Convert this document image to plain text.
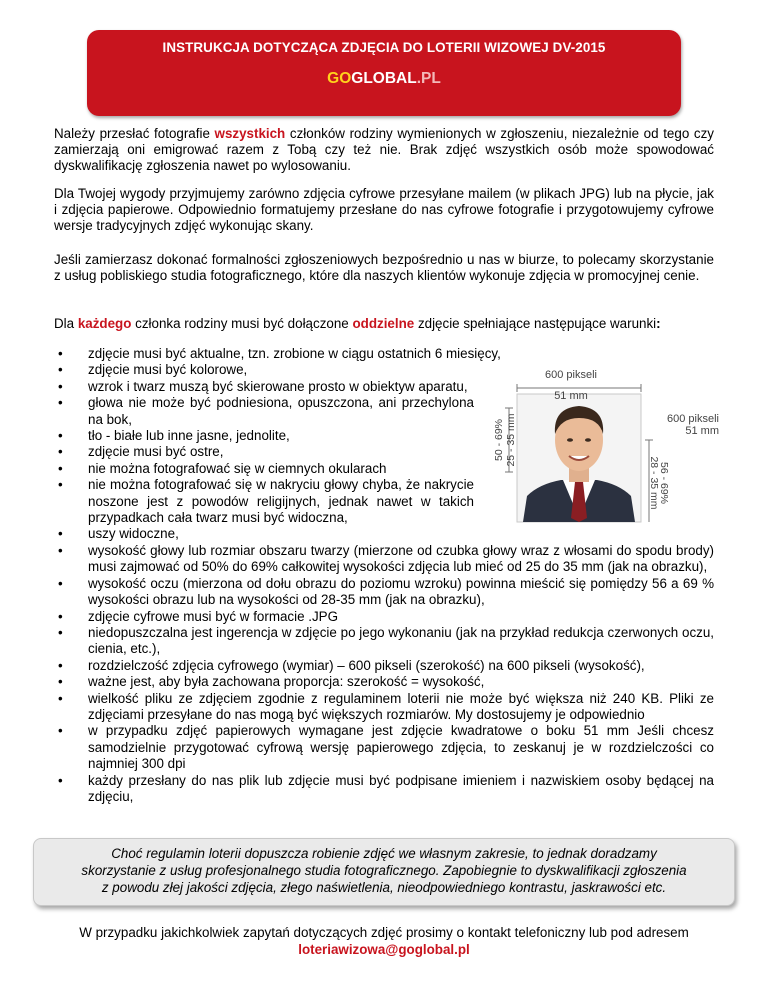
INSTRUKCJA DOTYCZĄCA ZDJĘCIA DO LOTERII WIZOWEJ DV-2015
GOGLOBAL.PL
Należy przesłać fotografie wszystkich członków rodziny wymienionych w zgłoszeniu, niezależnie od tego czy zamierzają oni emigrować razem z Tobą czy też nie. Brak zdjęć wszystkich osób może spowodować dyskwalifikację zgłoszenia nawet po wylosowaniu.
Dla Twojej wygody przyjmujemy zarówno zdjęcia cyfrowe przesyłane mailem (w plikach JPG) lub na płycie, jak i zdjęcia papierowe. Odpowiednio formatujemy przesłane do nas cyfrowe fotografie i przygotowujemy cyfrowe wersje tradycyjnych zdjęć wykonując skany.
Jeśli zamierzasz dokonać formalności zgłoszeniowych bezpośrednio u nas w biurze, to polecamy skorzystanie z usług pobliskiego studia fotograficznego, które dla naszych klientów wykonuje zdjęcia w promocyjnej cenie.
Dla każdego członka rodziny musi być dołączone oddzielne zdjęcie spełniające następujące warunki:
• zdjęcie musi być aktualne, tzn. zrobione w ciągu ostatnich 6 miesięcy,
• zdjęcie musi być kolorowe,
• wzrok i twarz muszą być skierowane prosto w obiektyw aparatu,
• głowa nie może być podniesiona, opuszczona, ani przechylona na bok,
• tło - białe lub inne jasne, jednolite,
• zdjęcie musi być ostre,
• nie można fotografować się w ciemnych okularach
• nie można fotografować się w nakryciu głowy chyba, że nakrycie noszone jest z powodów religijnych, jednak nawet w takich przypadkach cała twarz musi być widoczna,
• uszy widoczne,
• wysokość głowy lub rozmiar obszaru twarzy (mierzone od czubka głowy wraz z włosami do spodu brody) musi zajmować od 50% do 69% całkowitej wysokości zdjęcia lub mieć od 25 do 35 mm (jak na obrazku),
• wysokość oczu (mierzona od dołu obrazu do poziomu wzroku) powinna mieścić się pomiędzy 56 a 69 % wysokości obrazu lub na wysokości od 28-35 mm (jak na obrazku),
• zdjęcie cyfrowe musi być w formacie .JPG
• niedopuszczalna jest ingerencja w zdjęcie po jego wykonaniu (jak na przykład redukcja czerwonych oczu, cienia, etc.),
• rozdzielczość zdjęcia cyfrowego (wymiar) – 600 pikseli (szerokość) na 600 pikseli (wysokość),
• ważne jest, aby była zachowana proporcja: szerokość = wysokość,
• wielkość pliku ze zdjęciem zgodnie z regulaminem loterii nie może być większa niż 240 KB. Pliki ze zdjęciami przesyłane do nas mogą być większych rozmiarów. My dostosujemy je odpowiednio
• w przypadku zdjęć papierowych wymagane jest zdjęcie kwadratowe o boku 51 mm Jeśli chcesz samodzielnie przygotować cyfrową wersję papierowego zdjęcia, to zeskanuj je w rozdzielczości co najmniej 300 dpi
• każdy przesłany do nas plik lub zdjęcie musi być podpisane imieniem i nazwiskiem osoby będącej na zdjęciu,
600 pikseli
51 mm
600 pikseli
51 mm
50 - 69% 25 - 35 mm
56 - 69%
28 - 35 mm
Choć regulamin loterii dopuszcza robienie zdjęć we własnym zakresie, to jednak doradzamy
skorzystanie z usług profesjonalnego studia fotograficznego. Zapobiegnie to dyskwalifikacji zgłoszenia
z powodu złej jakości zdjęcia, złego naświetlenia, nieodpowiedniego kontrastu, jaskrawości etc.
W przypadku jakichkolwiek zapytań dotyczących zdjęć prosimy o kontakt telefoniczny lub pod adresem
loteriawizowa@goglobal.pl
